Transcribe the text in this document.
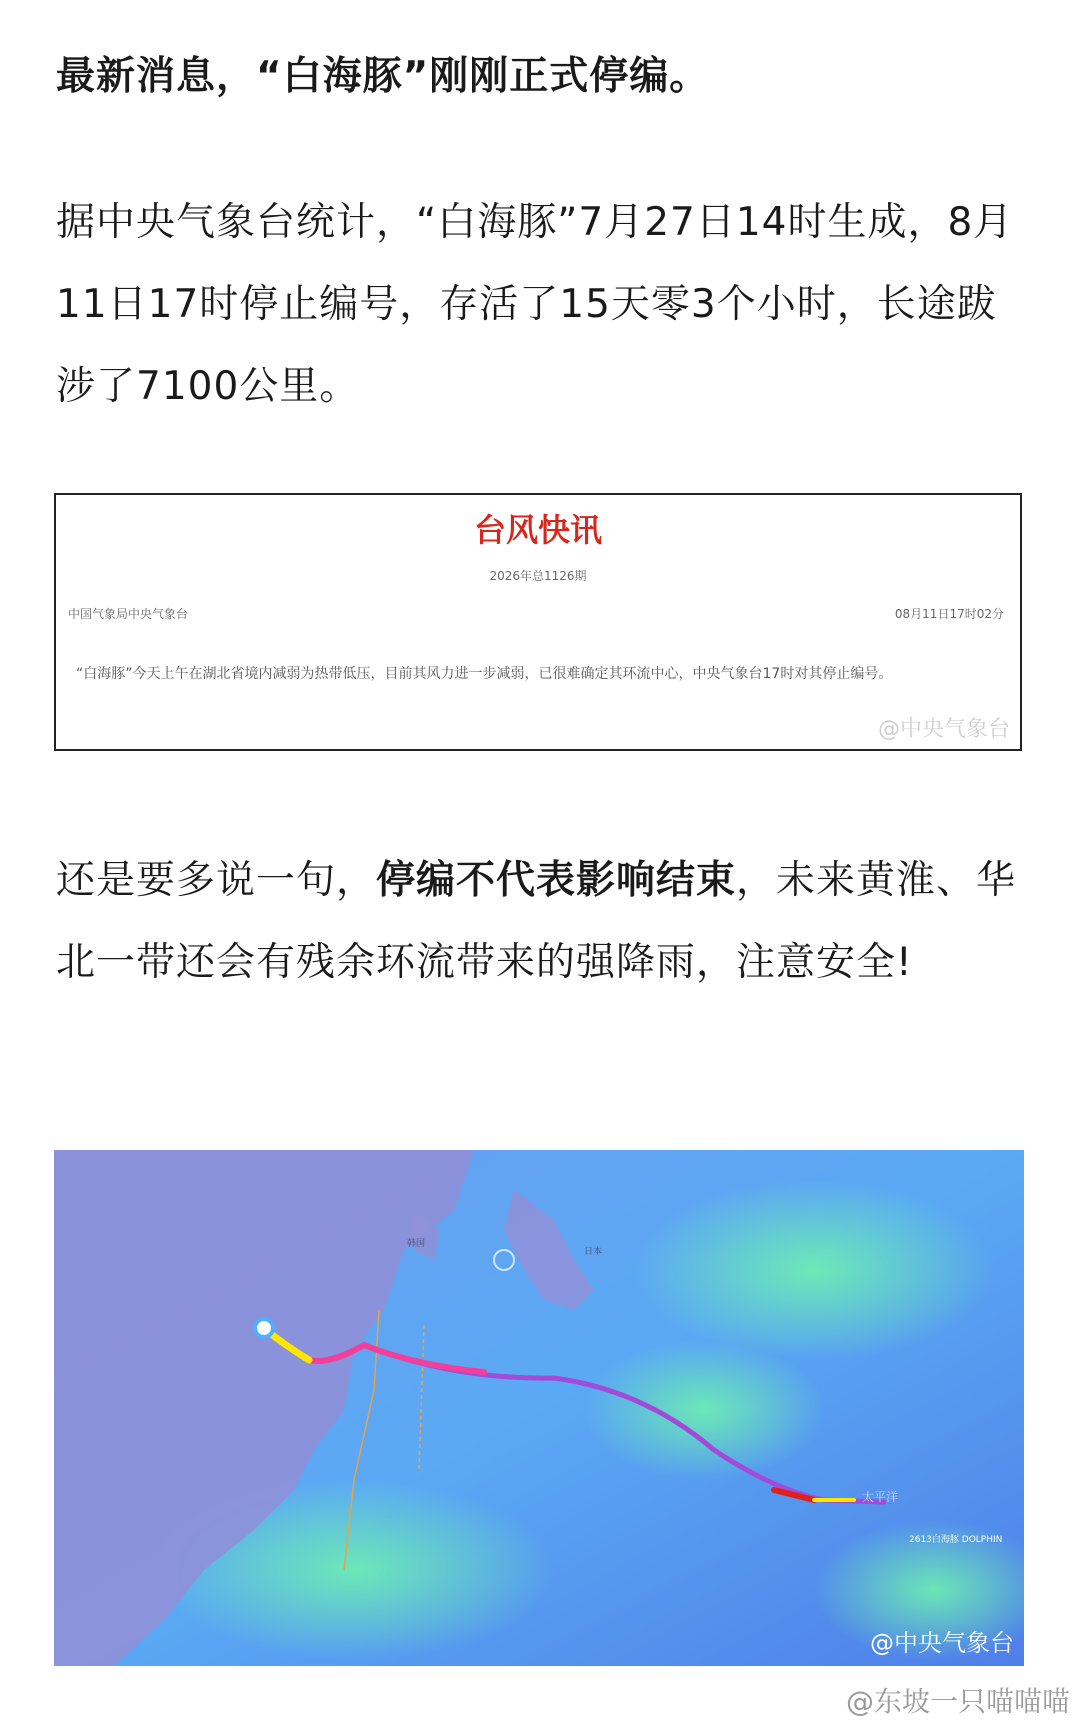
最新消息，“白海豚”刚刚正式停编。
据中央气象台统计，“白海豚”7月27日14时生成，8月11日17时停止编号，存活了15天零3个小时，长途跋涉了7100公里。
台风快讯
2026年总1126期
中国气象局中央气象台	08月11日17时02分
“白海豚”今天上午在湖北省境内减弱为热带低压，目前其风力进一步减弱，已很难确定其环流中心，中央气象台17时对其停止编号。
@中央气象台
还是要多说一句，停编不代表影响结束，未来黄淮、华北一带还会有残余环流带来的强降雨，注意安全!
韩国
日本
太平洋
2613白海豚 DOLPHIN
@中央气象台
@东坡一只喵喵喵
